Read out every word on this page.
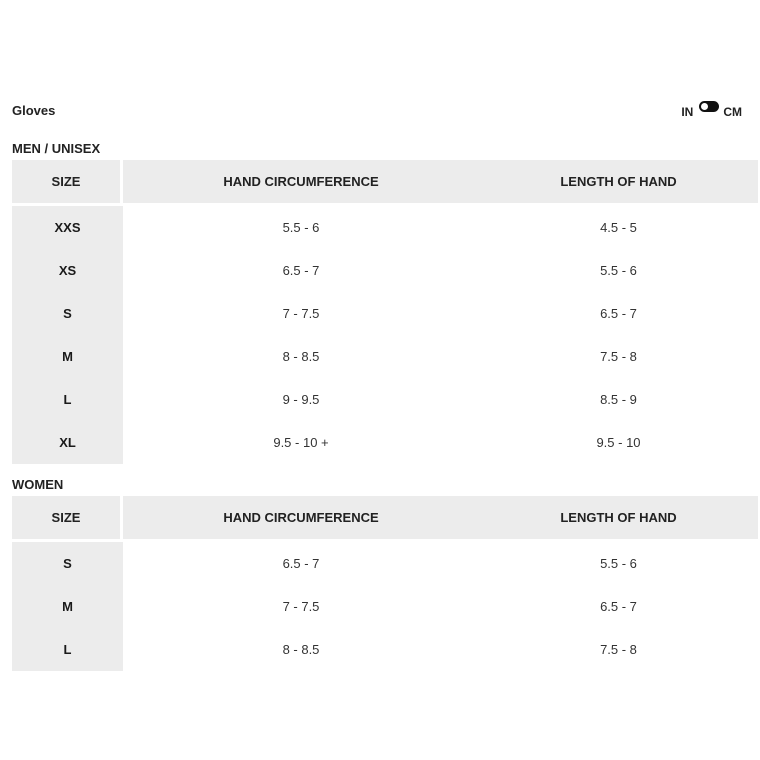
Gloves	IN	CM
MEN / UNISEX
SIZE	HAND CIRCUMFERENCE	LENGTH OF HAND
XXS	5.5 - 6	4.5 - 5
XS	6.5 - 7	5.5 - 6
S	7 - 7.5	6.5 - 7
M	8 - 8.5	7.5 - 8
L	9 - 9.5	8.5 - 9
XL	9.5 - 10 +	9.5 - 10
WOMEN
SIZE	HAND CIRCUMFERENCE	LENGTH OF HAND
S	6.5 - 7	5.5 - 6
M	7 - 7.5	6.5 - 7
L	8 - 8.5	7.5 - 8
